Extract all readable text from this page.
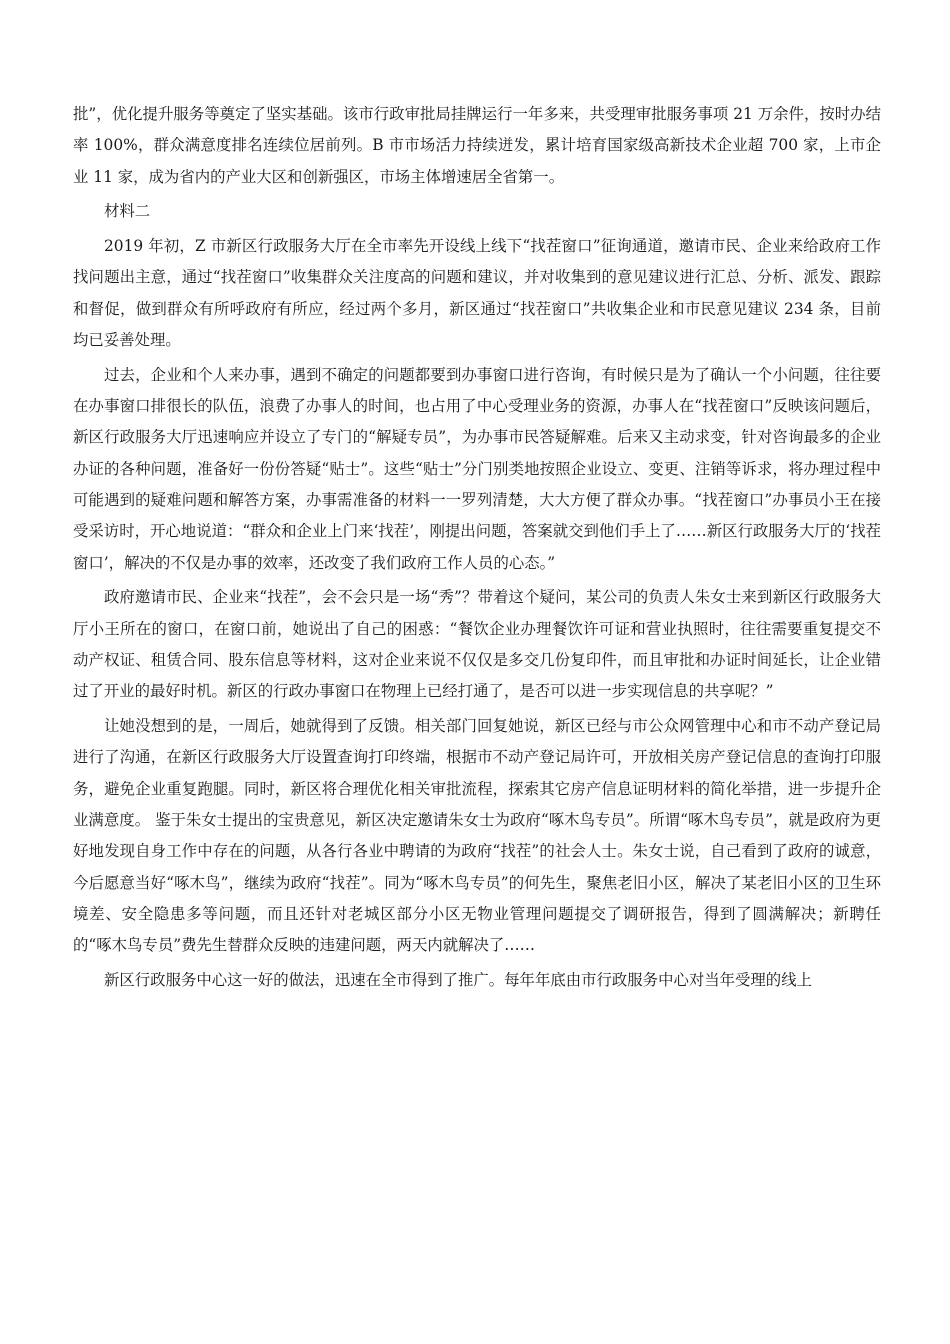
批”，优化提升服务等奠定了坚实基础。该市行政审批局挂牌运行一年多来，共受理审批服务事项 21 万余件，按时办结率 100%，群众满意度排名连续位居前列。B 市市场活力持续迸发，累计培育国家级高新技术企业超 700 家，上市企业 11 家，成为省内的产业大区和创新强区，市场主体增速居全省第一。

材料二

2019 年初，Z 市新区行政服务大厅在全市率先开设线上线下“找茬窗口”征询通道，邀请市民、企业来给政府工作找问题出主意，通过“找茬窗口”收集群众关注度高的问题和建议，并对收集到的意见建议进行汇总、分析、派发、跟踪和督促，做到群众有所呼政府有所应，经过两个多月，新区通过“找茬窗口”共收集企业和市民意见建议 234 条，目前均已妥善处理。

过去，企业和个人来办事，遇到不确定的问题都要到办事窗口进行咨询，有时候只是为了确认一个小问题，往往要在办事窗口排很长的队伍，浪费了办事人的时间，也占用了中心受理业务的资源，办事人在“找茬窗口”反映该问题后，新区行政服务大厅迅速响应并设立了专门的“解疑专员”，为办事市民答疑解难。后来又主动求变，针对咨询最多的企业办证的各种问题，准备好一份份答疑“贴士”。这些“贴士”分门别类地按照企业设立、变更、注销等诉求，将办理过程中可能遇到的疑难问题和解答方案，办事需准备的材料一一罗列清楚，大大方便了群众办事。“找茬窗口”办事员小王在接受采访时，开心地说道：“群众和企业上门来‘找茬’，刚提出问题，答案就交到他们手上了……新区行政服务大厅的‘找茬窗口’，解决的不仅是办事的效率，还改变了我们政府工作人员的心态。”

政府邀请市民、企业来“找茬”，会不会只是一场“秀”？带着这个疑问，某公司的负责人朱女士来到新区行政服务大厅小王所在的窗口，在窗口前，她说出了自己的困惑：“餐饮企业办理餐饮许可证和营业执照时，往往需要重复提交不动产权证、租赁合同、股东信息等材料，这对企业来说不仅仅是多交几份复印件，而且审批和办证时间延长，让企业错过了开业的最好时机。新区的行政办事窗口在物理上已经打通了，是否可以进一步实现信息的共享呢？”

让她没想到的是，一周后，她就得到了反馈。相关部门回复她说，新区已经与市公众网管理中心和市不动产登记局进行了沟通，在新区行政服务大厅设置查询打印终端，根据市不动产登记局许可，开放相关房产登记信息的查询打印服务，避免企业重复跑腿。同时，新区将合理优化相关审批流程，探索其它房产信息证明材料的简化举措，进一步提升企业满意度。 鉴于朱女士提出的宝贵意见，新区决定邀请朱女士为政府“啄木鸟专员”。所谓“啄木鸟专员”，就是政府为更好地发现自身工作中存在的问题，从各行各业中聘请的为政府“找茬”的社会人士。朱女士说，自己看到了政府的诚意，今后愿意当好“啄木鸟”，继续为政府“找茬”。同为“啄木鸟专员”的何先生，聚焦老旧小区，解决了某老旧小区的卫生环境差、安全隐患多等问题，而且还针对老城区部分小区无物业管理问题提交了调研报告，得到了圆满解决；新聘任的“啄木鸟专员”费先生替群众反映的违建问题，两天内就解决了……

新区行政服务中心这一好的做法，迅速在全市得到了推广。每年年底由市行政服务中心对当年受理的线上
